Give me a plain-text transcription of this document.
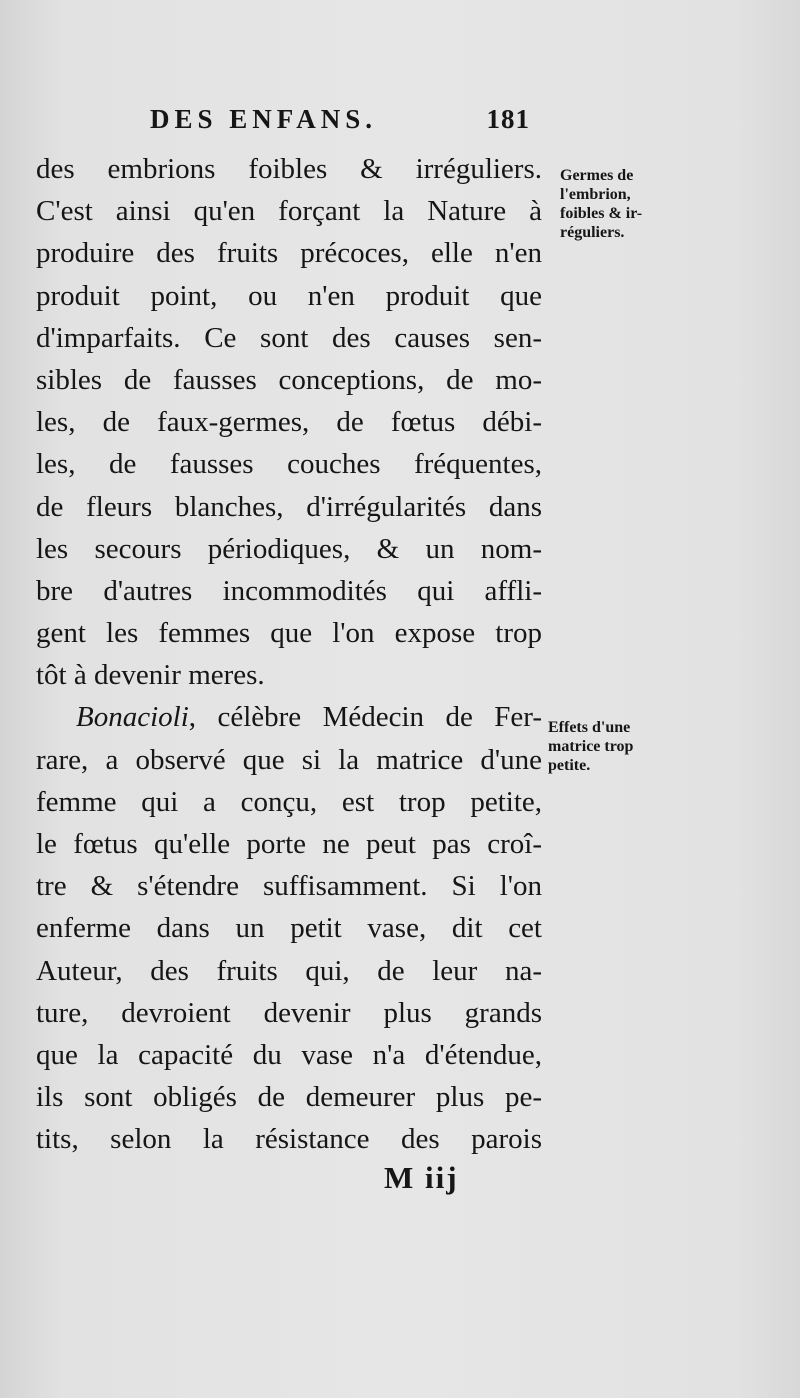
DES ENFANS.	181
des embrions foibles & irréguliers.
C'est ainsi qu'en forçant la Nature à
produire des fruits précoces, elle n'en
produit point, ou n'en produit que
d'imparfaits. Ce sont des causes sen-
sibles de fausses conceptions, de mo-
les, de faux-germes, de fœtus débi-
les, de fausses couches fréquentes,
de fleurs blanches, d'irrégularités dans
les secours périodiques, & un nom-
bre d'autres incommodités qui affli-
gent les femmes que l'on expose trop
tôt à devenir meres.
Bonacioli, célèbre Médecin de Fer-
rare, a observé que si la matrice d'une
femme qui a conçu, est trop petite,
le fœtus qu'elle porte ne peut pas croî-
tre & s'étendre suffisamment. Si l'on
enferme dans un petit vase, dit cet
Auteur, des fruits qui, de leur na-
ture, devroient devenir plus grands
que la capacité du vase n'a d'étendue,
ils sont obligés de demeurer plus pe-
tits, selon la résistance des parois
M iij
Germes de
l'embrion,
foibles & ir-
réguliers.
Effets d'une
matrice trop
petite.
